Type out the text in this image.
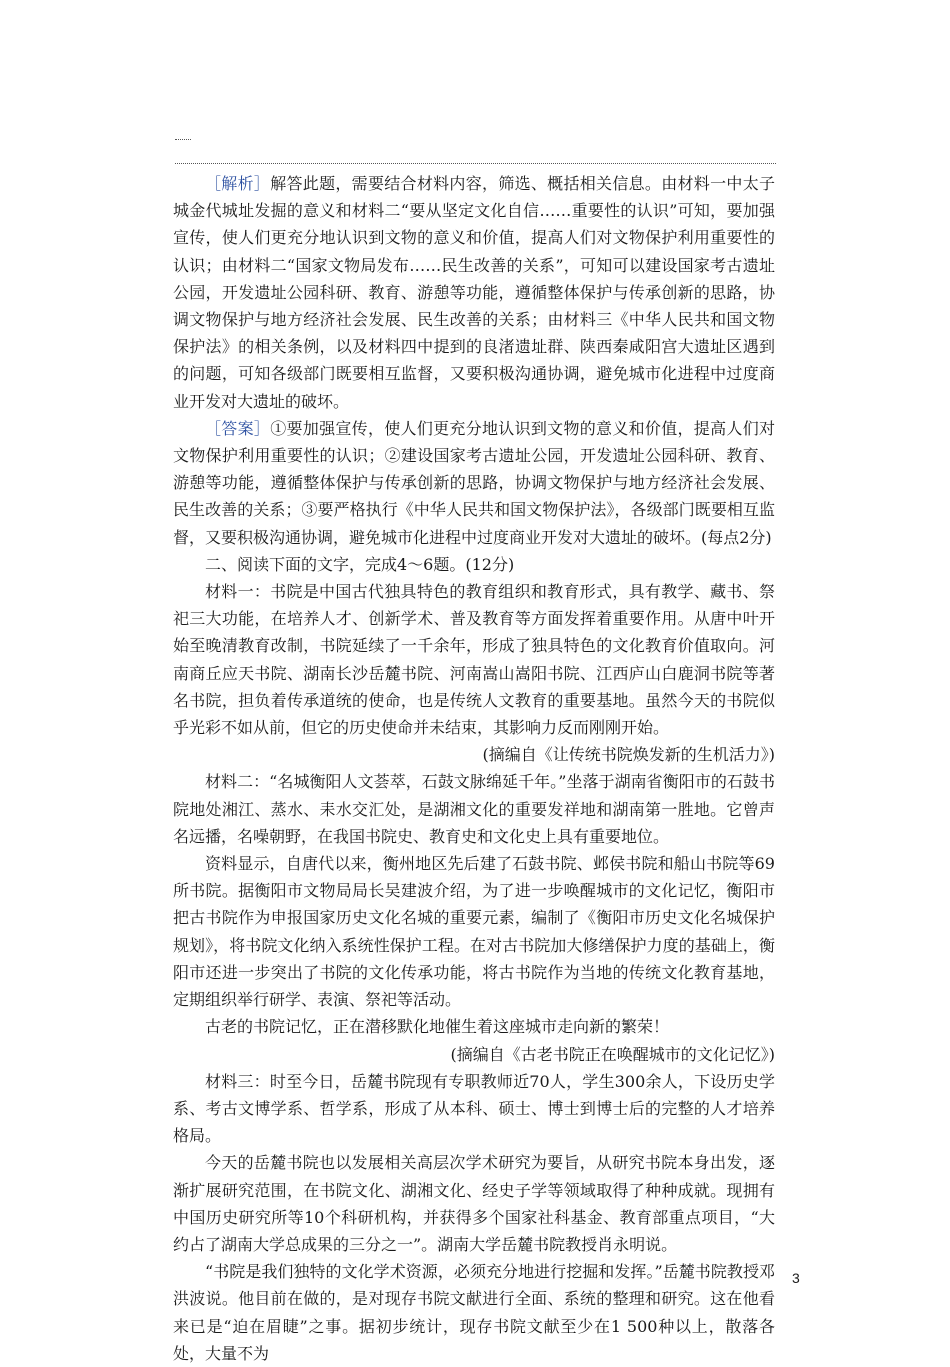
［解析］解答此题，需要结合材料内容，筛选、概括相关信息。由材料一中太子城金代城址发掘的意义和材料二“要从坚定文化自信……重要性的认识”可知，要加强宣传，使人们更充分地认识到文物的意义和价值，提高人们对文物保护利用重要性的认识；由材料二“国家文物局发布……民生改善的关系”，可知可以建设国家考古遗址公园，开发遗址公园科研、教育、游憩等功能，遵循整体保护与传承创新的思路，协调文物保护与地方经济社会发展、民生改善的关系；由材料三《中华人民共和国文物保护法》的相关条例，以及材料四中提到的良渚遗址群、陕西秦咸阳宫大遗址区遇到的问题，可知各级部门既要相互监督，又要积极沟通协调，避免城市化进程中过度商业开发对大遗址的破坏。

［答案］①要加强宣传，使人们更充分地认识到文物的意义和价值，提高人们对文物保护利用重要性的认识；②建设国家考古遗址公园，开发遗址公园科研、教育、游憩等功能，遵循整体保护与传承创新的思路，协调文物保护与地方经济社会发展、民生改善的关系；③要严格执行《中华人民共和国文物保护法》，各级部门既要相互监督，又要积极沟通协调，避免城市化进程中过度商业开发对大遗址的破坏。(每点2分)

二、阅读下面的文字，完成4～6题。(12分)

材料一：书院是中国古代独具特色的教育组织和教育形式，具有教学、藏书、祭祀三大功能，在培养人才、创新学术、普及教育等方面发挥着重要作用。从唐中叶开始至晚清教育改制，书院延续了一千余年，形成了独具特色的文化教育价值取向。河南商丘应天书院、湖南长沙岳麓书院、河南嵩山嵩阳书院、江西庐山白鹿洞书院等著名书院，担负着传承道统的使命，也是传统人文教育的重要基地。虽然今天的书院似乎光彩不如从前，但它的历史使命并未结束，其影响力反而刚刚开始。

(摘编自《让传统书院焕发新的生机活力》)

材料二：“名城衡阳人文荟萃，石鼓文脉绵延千年。”坐落于湖南省衡阳市的石鼓书院地处湘江、蒸水、耒水交汇处，是湖湘文化的重要发祥地和湖南第一胜地。它曾声名远播，名噪朝野，在我国书院史、教育史和文化史上具有重要地位。

资料显示，自唐代以来，衡州地区先后建了石鼓书院、邺侯书院和船山书院等69所书院。据衡阳市文物局局长吴建波介绍，为了进一步唤醒城市的文化记忆，衡阳市把古书院作为申报国家历史文化名城的重要元素，编制了《衡阳市历史文化名城保护规划》，将书院文化纳入系统性保护工程。在对古书院加大修缮保护力度的基础上，衡阳市还进一步突出了书院的文化传承功能，将古书院作为当地的传统文化教育基地，定期组织举行研学、表演、祭祀等活动。

古老的书院记忆，正在潜移默化地催生着这座城市走向新的繁荣！

(摘编自《古老书院正在唤醒城市的文化记忆》)

材料三：时至今日，岳麓书院现有专职教师近70人，学生300余人，下设历史学系、考古文博学系、哲学系，形成了从本科、硕士、博士到博士后的完整的人才培养格局。

今天的岳麓书院也以发展相关高层次学术研究为要旨，从研究书院本身出发，逐渐扩展研究范围，在书院文化、湖湘文化、经史子学等领域取得了种种成就。现拥有中国历史研究所等10个科研机构，并获得多个国家社科基金、教育部重点项目，“大约占了湖南大学总成果的三分之一”。湖南大学岳麓书院教授肖永明说。

“书院是我们独特的文化学术资源，必须充分地进行挖掘和发挥。”岳麓书院教授邓洪波说。他目前在做的，是对现存书院文献进行全面、系统的整理和研究。这在他看来已是“迫在眉睫”之事。据初步统计，现存书院文献至少在1 500种以上，散落各处，大量不为

3
